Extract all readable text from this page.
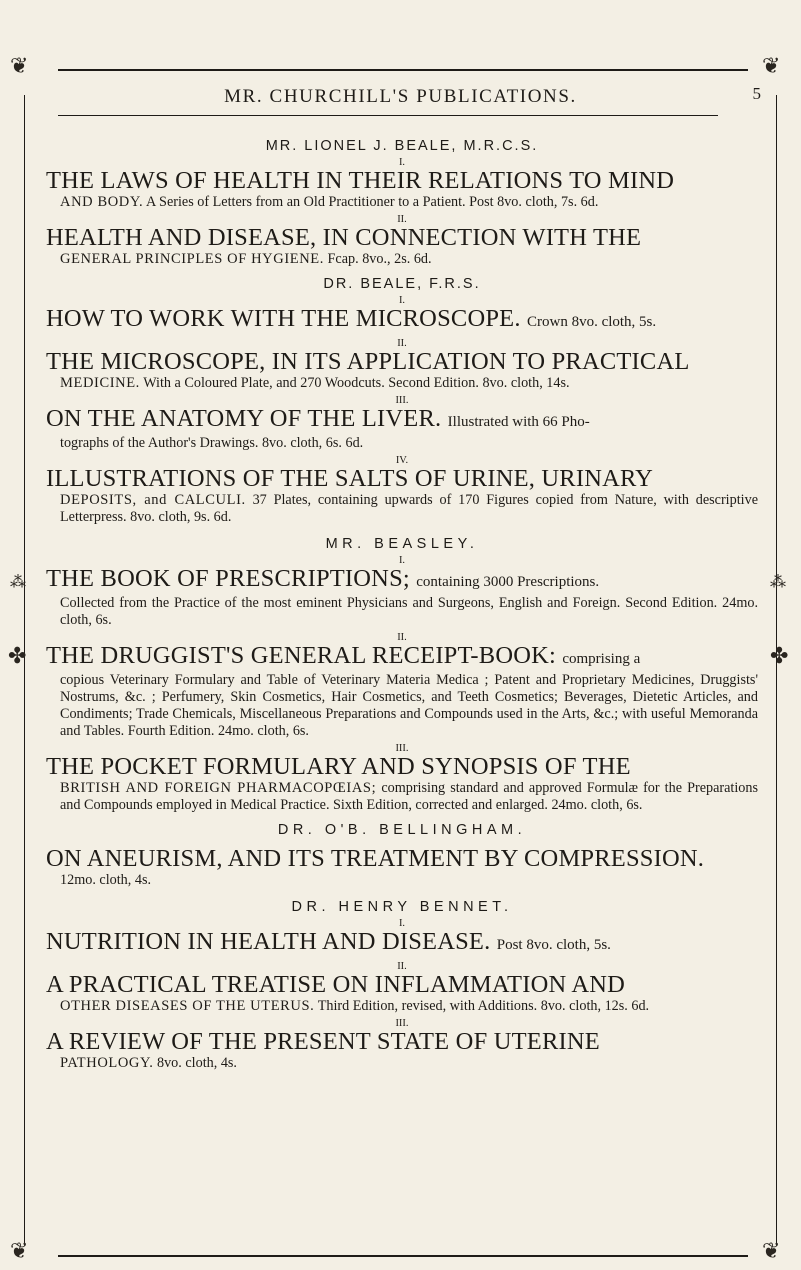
❦	❦
❦	❦
✤	✤
⁂	⁂
MR. CHURCHILL'S PUBLICATIONS.	5
MR. LIONEL J. BEALE, M.R.C.S.
I.
THE LAWS OF HEALTH IN THEIR RELATIONS TO MIND
AND BODY. A Series of Letters from an Old Practitioner to a Patient. Post 8vo. cloth, 7s. 6d.
II.
HEALTH AND DISEASE, IN CONNECTION WITH THE
GENERAL PRINCIPLES OF HYGIENE. Fcap. 8vo., 2s. 6d.
DR. BEALE, F.R.S.
I.
HOW TO WORK WITH THE MICROSCOPE. Crown 8vo. cloth, 5s.
II.
THE MICROSCOPE, IN ITS APPLICATION TO PRACTICAL
MEDICINE. With a Coloured Plate, and 270 Woodcuts. Second Edition. 8vo. cloth, 14s.
III.
ON THE ANATOMY OF THE LIVER. Illustrated with 66 Pho-
tographs of the Author's Drawings. 8vo. cloth, 6s. 6d.
IV.
ILLUSTRATIONS OF THE SALTS OF URINE, URINARY
DEPOSITS, and CALCULI. 37 Plates, containing upwards of 170 Figures copied from Nature, with descriptive Letterpress. 8vo. cloth, 9s. 6d.
MR. BEASLEY.
I.
THE BOOK OF PRESCRIPTIONS; containing 3000 Prescriptions.
Collected from the Practice of the most eminent Physicians and Surgeons, English and Foreign. Second Edition. 24mo. cloth, 6s.
II.
THE DRUGGIST'S GENERAL RECEIPT-BOOK: comprising a
copious Veterinary Formulary and Table of Veterinary Materia Medica ; Patent and Proprietary Medicines, Druggists' Nostrums, &c. ; Perfumery, Skin Cosmetics, Hair Cosmetics, and Teeth Cosmetics; Beverages, Dietetic Articles, and Condiments; Trade Chemicals, Miscellaneous Preparations and Compounds used in the Arts, &c.; with useful Memoranda and Tables. Fourth Edition. 24mo. cloth, 6s.
III.
THE POCKET FORMULARY AND SYNOPSIS OF THE
BRITISH AND FOREIGN PHARMACOPŒIAS; comprising standard and approved Formulæ for the Preparations and Compounds employed in Medical Practice. Sixth Edition, corrected and enlarged. 24mo. cloth, 6s.
DR. O'B. BELLINGHAM.
ON ANEURISM, AND ITS TREATMENT BY COMPRESSION.
12mo. cloth, 4s.
DR. HENRY BENNET.
I.
NUTRITION IN HEALTH AND DISEASE. Post 8vo. cloth, 5s.
II.
A PRACTICAL TREATISE ON INFLAMMATION AND
OTHER DISEASES OF THE UTERUS. Third Edition, revised, with Additions. 8vo. cloth, 12s. 6d.
III.
A REVIEW OF THE PRESENT STATE OF UTERINE
PATHOLOGY. 8vo. cloth, 4s.
